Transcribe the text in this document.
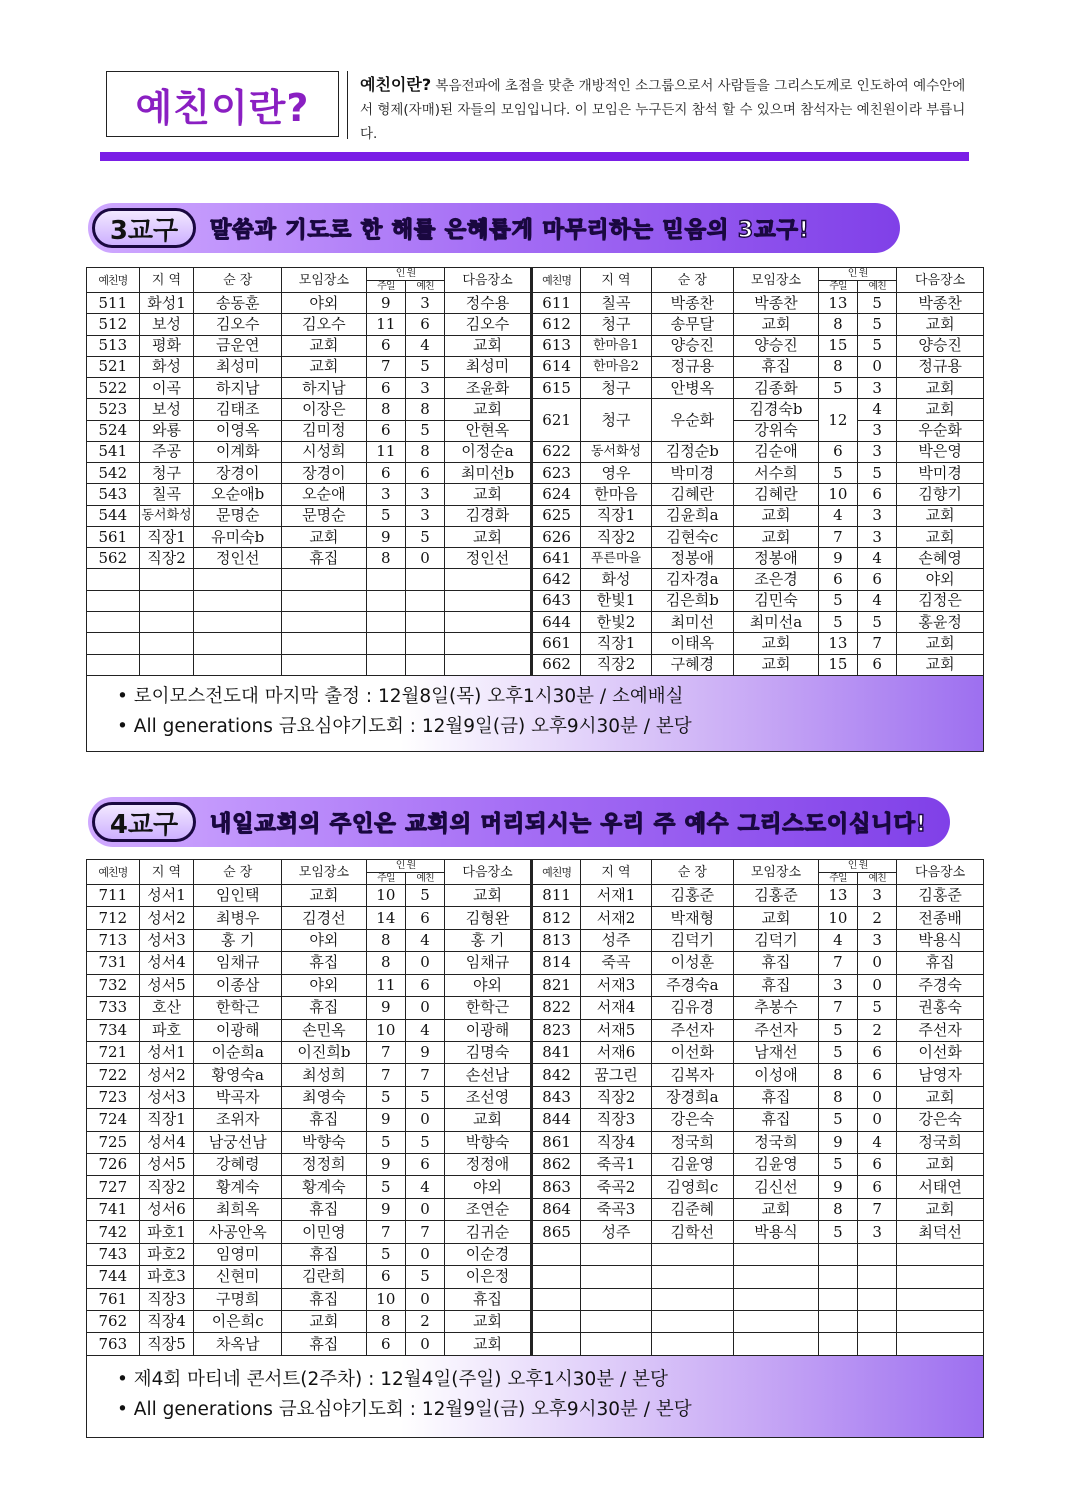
예친이란?
예친이란? 복음전파에 초점을 맞춘 개방적인 소그룹으로서 사람들을 그리스도께로 인도하여 예수안에서 형제(자매)된 자들의 모임입니다. 이 모임은 누구든지 참석 할 수 있으며 참석자는 예친원이라 부릅니다.
3교구	말씀과 기도로 한 해를 은혜롭게 마무리하는 믿음의 3교구!
예친명	지 역	순 장	모임장소	인 원		다음장소	예친명	지 역	순 장	모임장소	인 원		다음장소
				주일	예친						주일	예친	
511	화성1	송동훈	야외	9	3	정수용	611	칠곡	박종찬	박종찬	13	5	박종찬
512	보성	김오수	김오수	11	6	김오수	612	청구	송무달	교회	8	5	교회
513	평화	금운연	교회	6	4	교회	613	한마음1	양승진	양승진	15	5	양승진
521	화성	최성미	교회	7	5	최성미	614	한마음2	정규용	휴집	8	0	정규용
522	이곡	하지남	하지남	6	3	조윤화	615	청구	안병옥	김종화	5	3	교회
523	보성	김태조	이장은	8	8	교회	621	청구	우순화	김경숙b	12	4	교회
524	와룡	이영옥	김미정	6	5	안현옥				강위숙		3	우순화
541	주공	이계화	시성희	11	8	이정순a	622	동서화성	김정순b	김순애	6	3	박은영
542	청구	장경이	장경이	6	6	최미선b	623	영우	박미경	서수희	5	5	박미경
543	칠곡	오순애b	오순애	3	3	교회	624	한마음	김혜란	김혜란	10	6	김향기
544	동서화성	문명순	문명순	5	3	김경화	625	직장1	김윤희a	교회	4	3	교회
561	직장1	유미숙b	교회	9	5	교회	626	직장2	김현숙c	교회	7	3	교회
562	직장2	정인선	휴집	8	0	정인선	641	푸른마을	정봉애	정봉애	9	4	손혜영
							642	화성	김자경a	조은경	6	6	야외
							643	한빛1	김은희b	김민숙	5	4	김정은
							644	한빛2	최미선	최미선a	5	5	홍윤정
							661	직장1	이태옥	교회	13	7	교회
							662	직장2	구혜경	교회	15	6	교회
• 로이모스전도대 마지막 출정 : 12월8일(목) 오후1시30분 / 소예배실
• All generations 금요심야기도회 : 12월9일(금) 오후9시30분 / 본당
4교구	내일교회의 주인은 교회의 머리되시는 우리 주 예수 그리스도이십니다!
예친명	지 역	순 장	모임장소	인 원		다음장소	예친명	지 역	순 장	모임장소	인 원		다음장소
				주일	예친						주일	예친	
711	성서1	임인택	교회	10	5	교회	811	서재1	김홍준	김홍준	13	3	김홍준
712	성서2	최병우	김경선	14	6	김형완	812	서재2	박재형	교회	10	2	전종배
713	성서3	홍 기	야외	8	4	홍 기	813	성주	김덕기	김덕기	4	3	박용식
731	성서4	임채규	휴집	8	0	임채규	814	죽곡	이성훈	휴집	7	0	휴집
732	성서5	이종삼	야외	11	6	야외	821	서재3	주경숙a	휴집	3	0	주경숙
733	호산	한학근	휴집	9	0	한학근	822	서재4	김유경	추봉수	7	5	권홍숙
734	파호	이광해	손민옥	10	4	이광해	823	서재5	주선자	주선자	5	2	주선자
721	성서1	이순희a	이진희b	7	9	김명숙	841	서재6	이선화	남재선	5	6	이선화
722	성서2	황영숙a	최성희	7	7	손선남	842	꿈그린	김복자	이성애	8	6	남영자
723	성서3	박곡자	최영숙	5	5	조선영	843	직장2	장경희a	휴집	8	0	교회
724	직장1	조위자	휴집	9	0	교회	844	직장3	강은숙	휴집	5	0	강은숙
725	성서4	남궁선남	박향숙	5	5	박향숙	861	직장4	정국희	정국희	9	4	정국희
726	성서5	강혜령	정정희	9	6	정정애	862	죽곡1	김윤영	김윤영	5	6	교회
727	직장2	황계숙	황계숙	5	4	야외	863	죽곡2	김영희c	김신선	9	6	서태연
741	성서6	최희옥	휴집	9	0	조연순	864	죽곡3	김준혜	교회	8	7	교회
742	파호1	사공안옥	이민영	7	7	김귀순	865	성주	김학선	박용식	5	3	최덕선
743	파호2	임영미	휴집	5	0	이순경							
744	파호3	신현미	김란희	6	5	이은정							
761	직장3	구명희	휴집	10	0	휴집							
762	직장4	이은희c	교회	8	2	교회							
763	직장5	차옥남	휴집	6	0	교회							
• 제4회 마티네 콘서트(2주차) : 12월4일(주일) 오후1시30분 / 본당
• All generations 금요심야기도회 : 12월9일(금) 오후9시30분 / 본당
